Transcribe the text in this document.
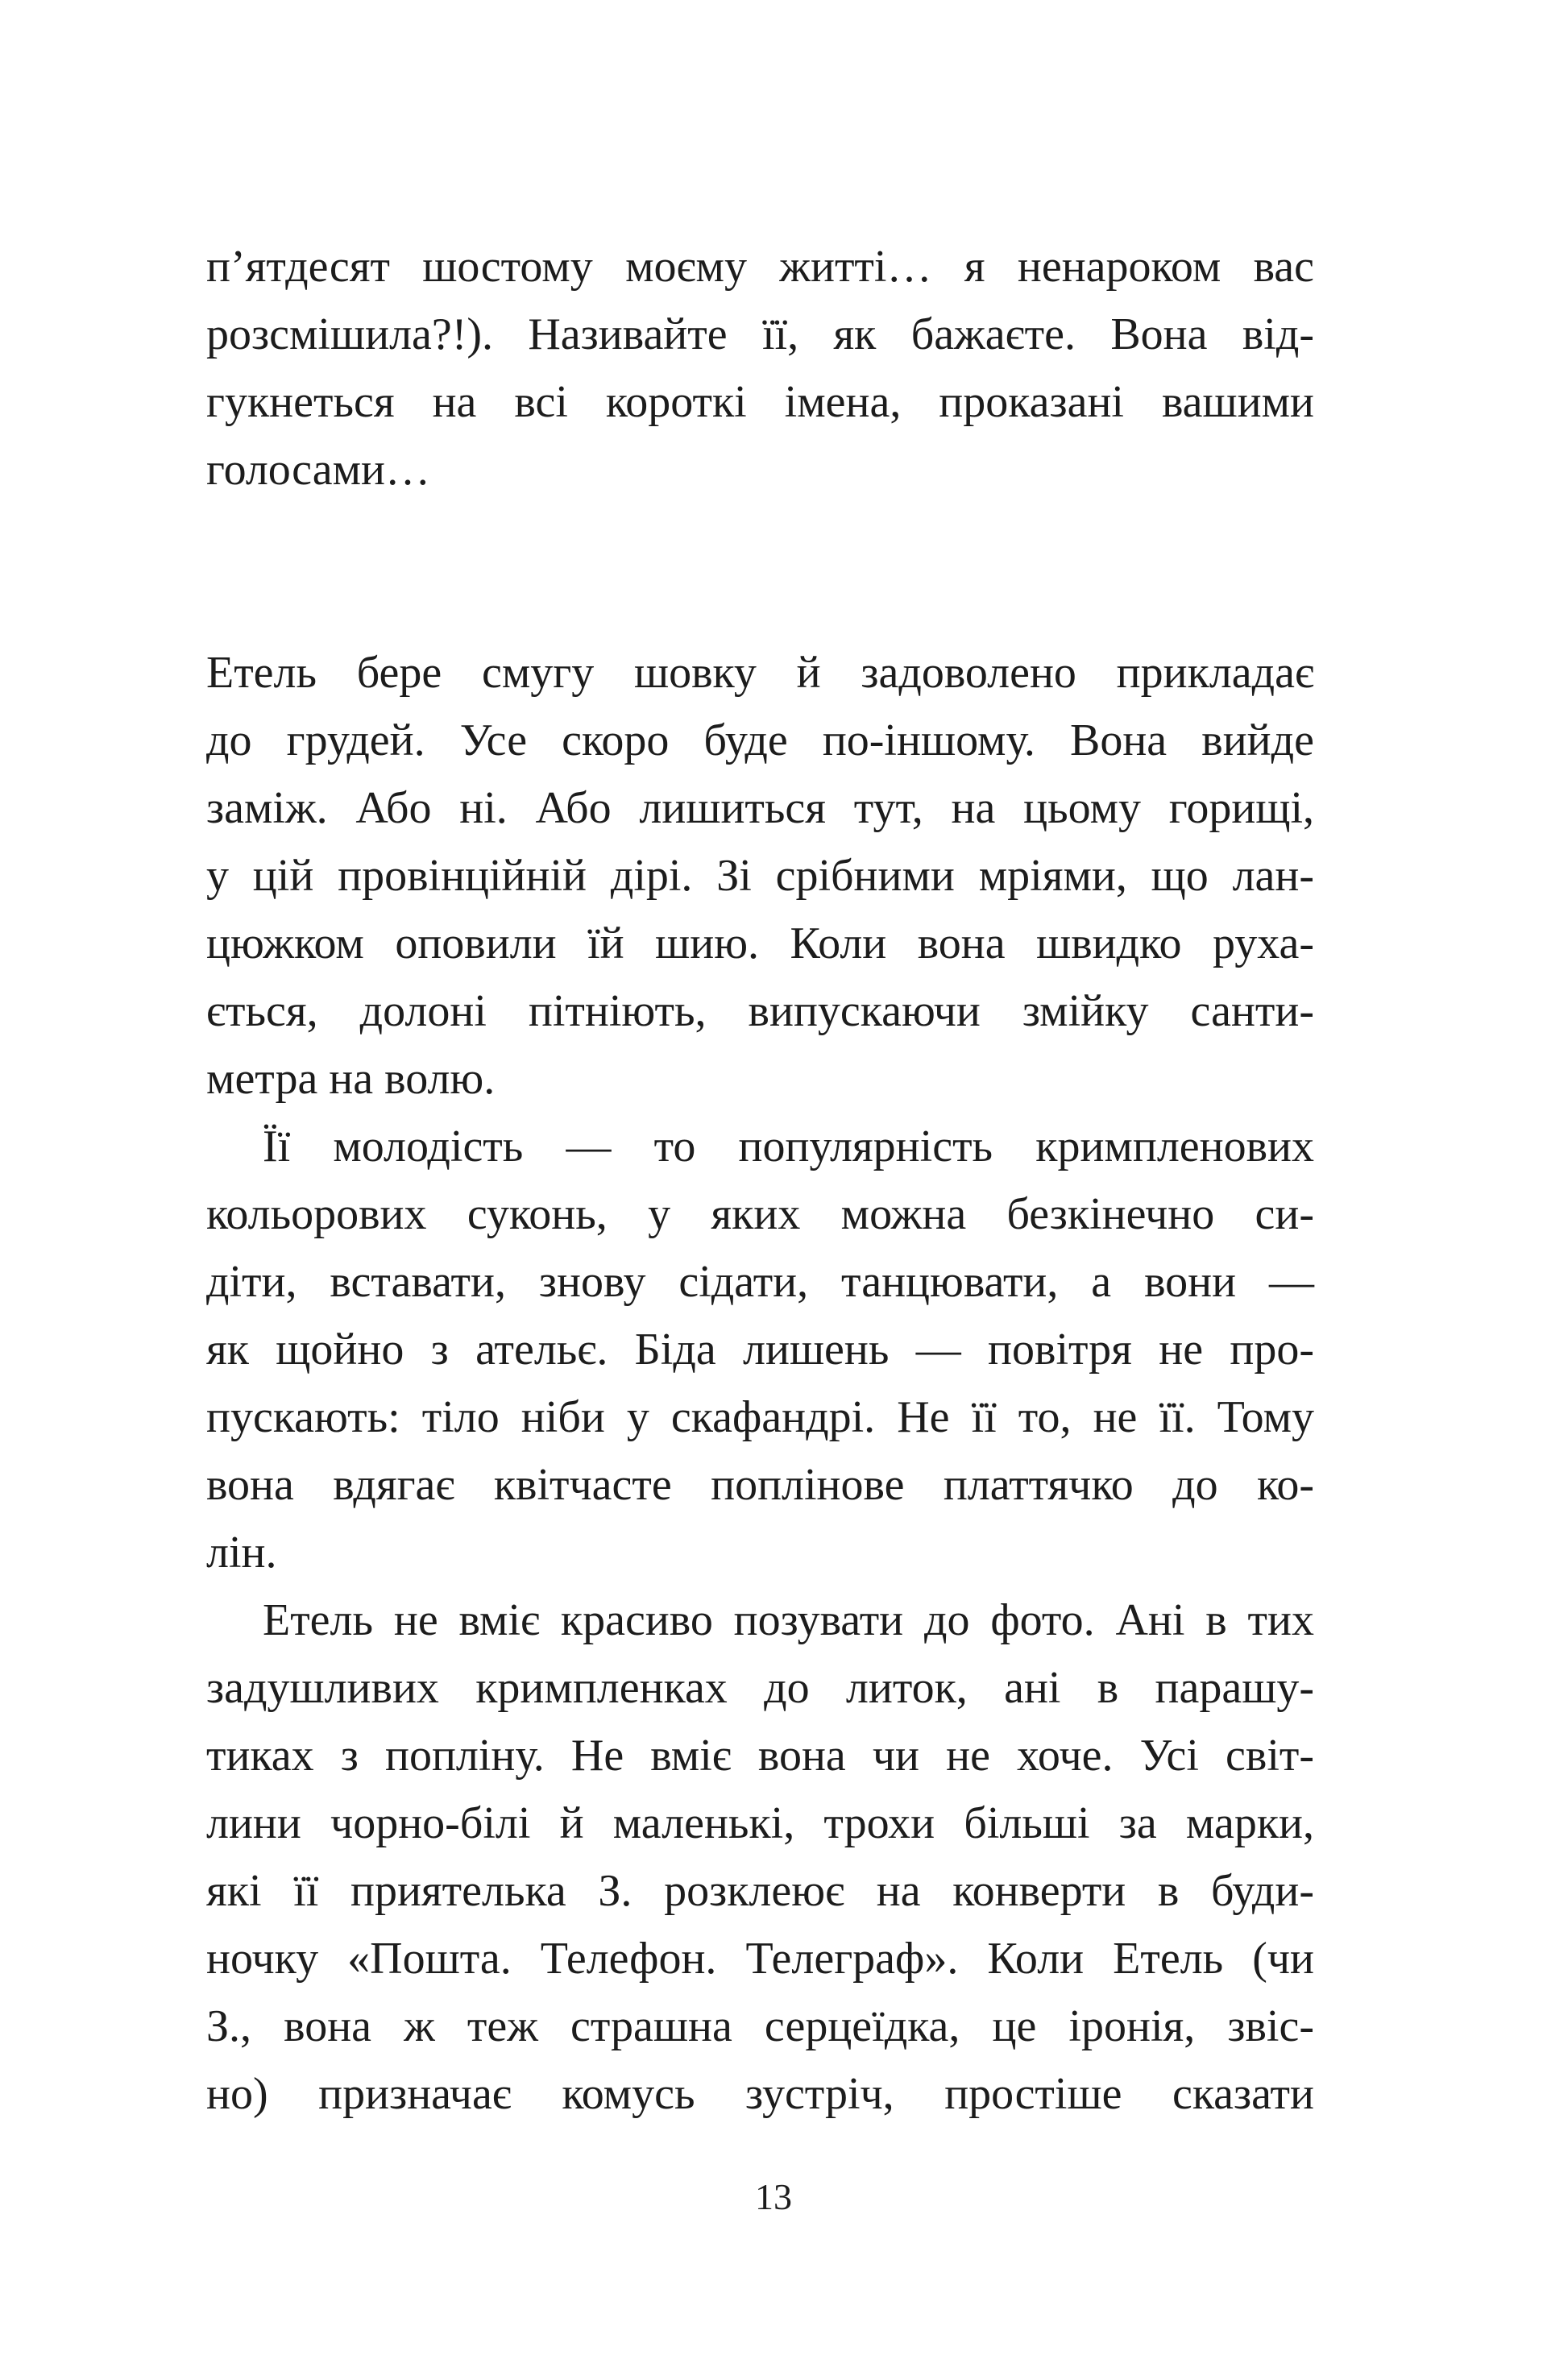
п’ятдесят шостому моєму житті… я ненароком вас
розсмішила?!). Називайте її, як бажаєте. Вона від-
гукнеться на всі короткі імена, проказані вашими
голосами…
Етель бере смугу шовку й задоволено прикладає
до грудей. Усе скоро буде по-іншому. Вона вийде
заміж. Або ні. Або лишиться тут, на цьому горищі,
у цій провінційній дірі. Зі срібними мріями, що лан-
цюжком оповили їй шию. Коли вона швидко руха-
ється, долоні пітніють, випускаючи змійку санти-
метра на волю.
Її молодість — то популярність кримпленових
кольорових суконь, у яких можна безкінечно си-
діти, вставати, знову сідати, танцювати, а вони —
як щойно з ательє. Біда лишень — повітря не про-
пускають: тіло ніби у скафандрі. Не її то, не її. Тому
вона вдягає квітчасте поплінове платтячко до ко-
лін.
Етель не вміє красиво позувати до фото. Ані в тих
задушливих кримпленках до литок, ані в парашу-
тиках з попліну. Не вміє вона чи не хоче. Усі світ-
лини чорно-білі й маленькі, трохи більші за марки,
які її приятелька З. розклеює на конверти в буди-
ночку «Пошта. Телефон. Телеграф». Коли Етель (чи
З., вона ж теж страшна серцеїдка, це іронія, звіс-
но) призначає комусь зустріч, простіше сказати
13
